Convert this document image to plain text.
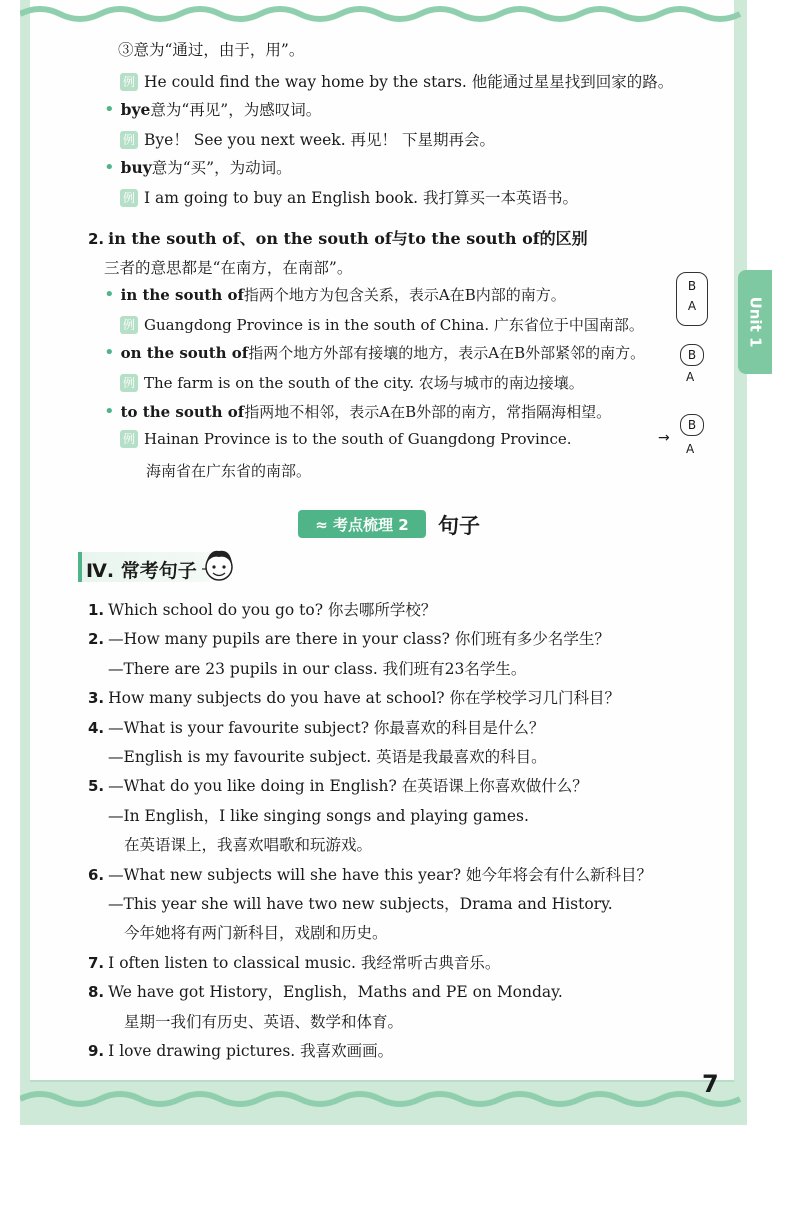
Unit 1
③意为“通过，由于，用”。
例 He could find the way home by the stars. 他能通过星星找到回家的路。
• bye意为“再见”，为感叹词。
例 Bye！ See you next week. 再见！ 下星期再会。
• buy意为“买”，为动词。
例 I am going to buy an English book. 我打算买一本英语书。
2. in the south of、on the south of与to the south of的区别
三者的意思都是“在南方，在南部”。
• in the south of指两个地方为包含关系，表示A在B内部的南方。
例 Guangdong Province is in the south of China. 广东省位于中国南部。
• on the south of指两个地方外部有接壤的地方，表示A在B外部紧邻的南方。
例 The farm is on the south of the city. 农场与城市的南边接壤。
• to the south of指两地不相邻，表示A在B外部的南方，常指隔海相望。
例 Hainan Province is to the south of Guangdong Province.
海南省在广东省的南部。
B
A
B
A
→
B
A
≈ 考点梳理 2	句子
Ⅳ. 常考句子
1. Which school do you go to? 你去哪所学校？
2. —How many pupils are there in your class? 你们班有多少名学生？
—There are 23 pupils in our class. 我们班有23名学生。
3. How many subjects do you have at school? 你在学校学习几门科目？
4. —What is your favourite subject? 你最喜欢的科目是什么？
—English is my favourite subject. 英语是我最喜欢的科目。
5. —What do you like doing in English? 在英语课上你喜欢做什么？
—In English，I like singing songs and playing games.
在英语课上，我喜欢唱歌和玩游戏。
6. —What new subjects will she have this year? 她今年将会有什么新科目？
—This year she will have two new subjects，Drama and History.
今年她将有两门新科目，戏剧和历史。
7. I often listen to classical music. 我经常听古典音乐。
8. We have got History，English，Maths and PE on Monday.
星期一我们有历史、英语、数学和体育。
9. I love drawing pictures. 我喜欢画画。
7
